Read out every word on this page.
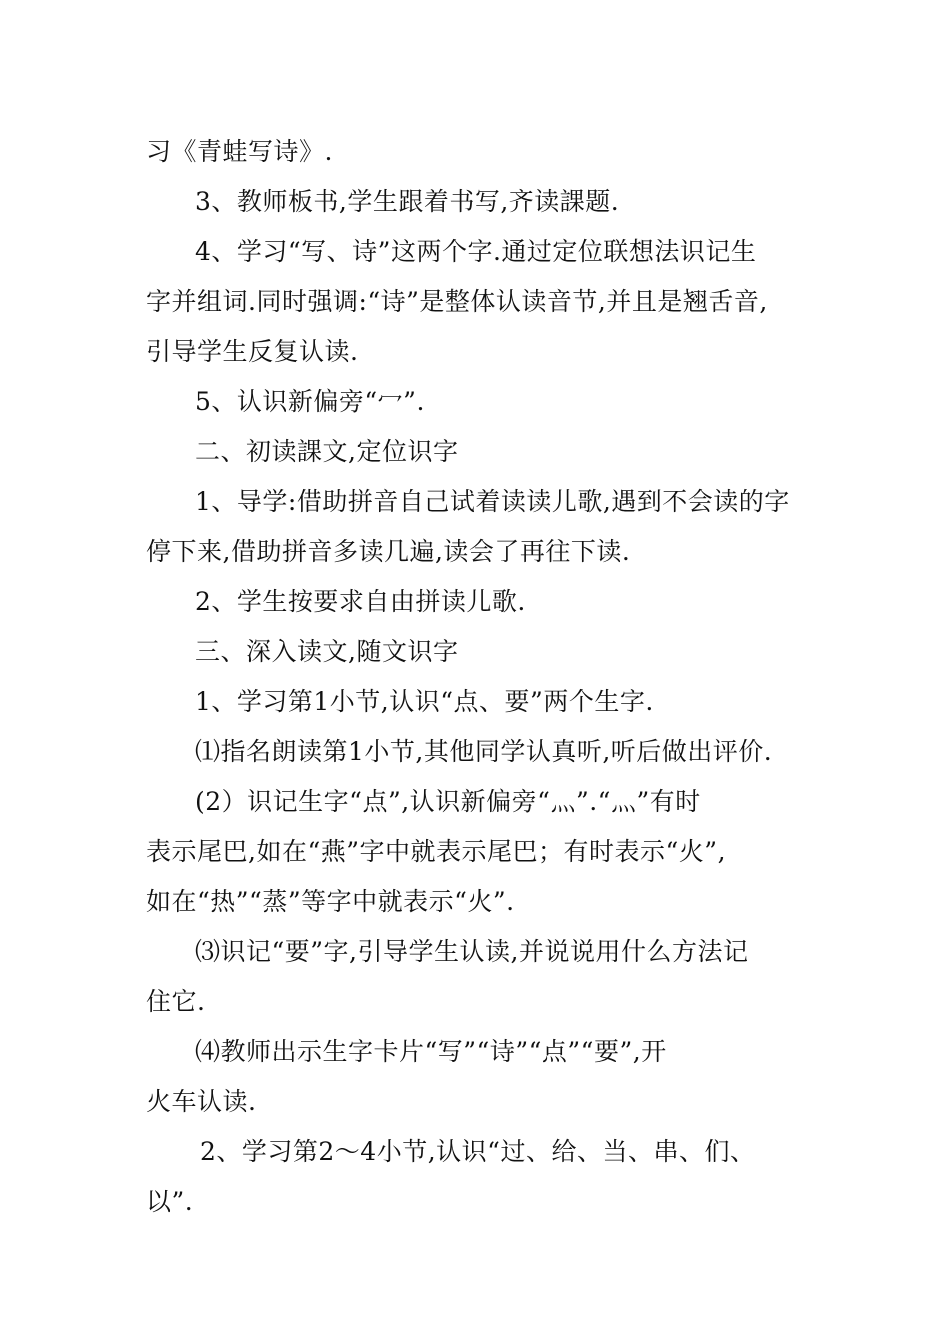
习《青蛙写诗》.
3、教师板书,学生跟着书写,齐读課题.
4、学习“写、诗”这两个字.通过定位联想法识记生
字并组词.同时强调:“诗”是整体认读音节,并且是翘舌音,
引导学生反复认读.
5、认识新偏旁“冖”.
二、初读課文,定位识字
1、导学:借助拼音自己试着读读儿歌,遇到不会读的字
停下来,借助拼音多读几遍,读会了再往下读.
2、学生按要求自由拼读儿歌.
三、深入读文,随文识字
1、学习第1小节,认识“点、要”两个生字.
⑴指名朗读第1小节,其他同学认真听,听后做出评价.
(2）识记生字“点”,认识新偏旁“灬”.“灬”有时
表示尾巴,如在“燕”字中就表示尾巴；有时表示“火”,
如在“热”“蒸”等字中就表示“火”.
⑶识记“要”字,引导学生认读,并说说用什么方法记
住它.
⑷教师出示生字卡片“写”“诗”“点”“要”,开
火车认读.
2、学习第2～4小节,认识“过、给、当、串、们、
以”.
